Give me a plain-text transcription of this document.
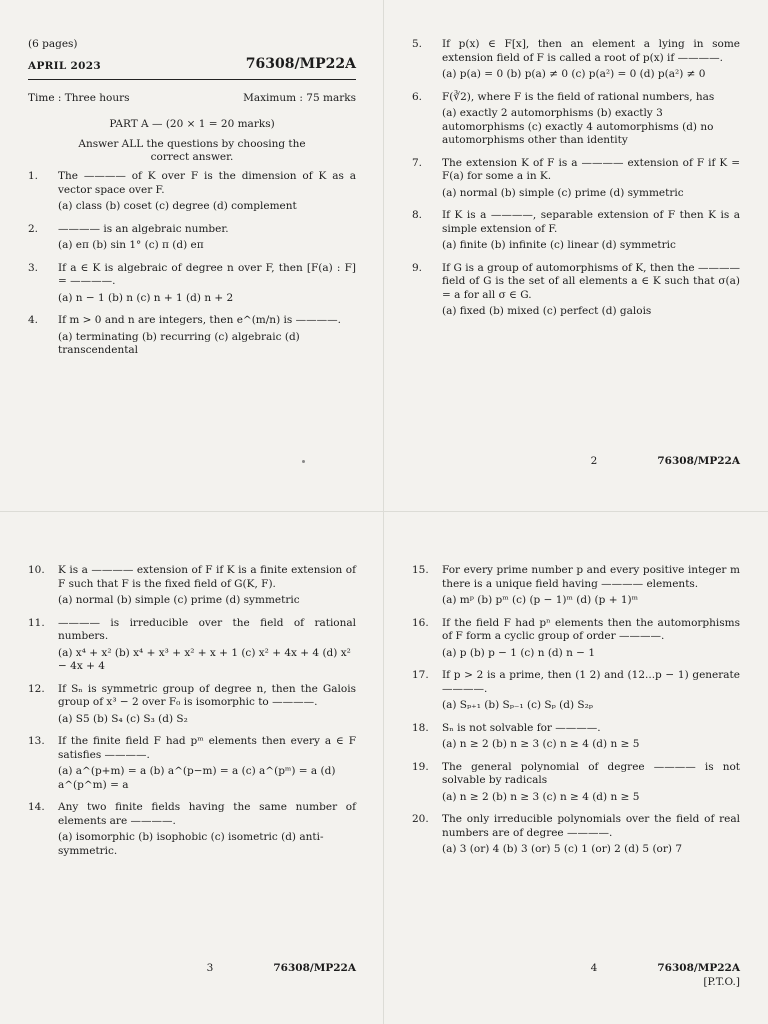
(6 pages)
APRIL 2023	76308/MP22A
Time : Three hours	Maximum : 75 marks
PART A — (20 × 1 = 20 marks)
Answer ALL the questions by choosing the correct answer.
1.	The ———— of K over F is the dimension of K as a vector space over F.
(a) class (b) coset (c) degree (d) complement
2.	———— is an algebraic number.
(a) eπ (b) sin 1° (c) π (d) eπ
3.	If a ∈ K is algebraic of degree n over F, then [F(a) : F] = ————.
(a) n − 1 (b) n (c) n + 1 (d) n + 2
4.	If m > 0 and n are integers, then e^(m/n) is ————.
(a) terminating (b) recurring (c) algebraic (d) transcendental
5.	If p(x) ∈ F[x], then an element a lying in some extension field of F is called a root of p(x) if ————.
(a) p(a) = 0 (b) p(a) ≠ 0 (c) p(a²) = 0 (d) p(a²) ≠ 0
6.	F(∛2), where F is the field of rational numbers, has
(a) exactly 2 automorphisms (b) exactly 3 automorphisms (c) exactly 4 automorphisms (d) no automorphisms other than identity
7.	The extension K of F is a ———— extension of F if K = F(a) for some a in K.
(a) normal (b) simple (c) prime (d) symmetric
8.	If K is a ————, separable extension of F then K is a simple extension of F.
(a) finite (b) infinite (c) linear (d) symmetric
9.	If G is a group of automorphisms of K, then the ———— field of G is the set of all elements a ∈ K such that σ(a) = a for all σ ∈ G.
(a) fixed (b) mixed (c) perfect (d) galois
2	76308/MP22A
10.	K is a ———— extension of F if K is a finite extension of F such that F is the fixed field of G(K, F).
(a) normal (b) simple (c) prime (d) symmetric
11.	———— is irreducible over the field of rational numbers.
(a) x⁴ + x² (b) x⁴ + x³ + x² + x + 1 (c) x² + 4x + 4 (d) x² − 4x + 4
12.	If Sₙ is symmetric group of degree n, then the Galois group of x³ − 2 over F₀ is isomorphic to ————.
(a) S5 (b) S₄ (c) S₃ (d) S₂
13.	If the finite field F had pᵐ elements then every a ∈ F satisfies ————.
(a) a^(p+m) = a (b) a^(p−m) = a (c) a^(pᵐ) = a (d) a^(p^m) = a
14.	Any two finite fields having the same number of elements are ————.
(a) isomorphic (b) isophobic (c) isometric (d) anti-symmetric.
3	76308/MP22A
15.	For every prime number p and every positive integer m there is a unique field having ———— elements.
(a) mᵖ (b) pᵐ (c) (p − 1)ᵐ (d) (p + 1)ᵐ
16.	If the field F had pⁿ elements then the automorphisms of F form a cyclic group of order ————.
(a) p (b) p − 1 (c) n (d) n − 1
17.	If p > 2 is a prime, then (1 2) and (12...p − 1) generate ————.
(a) Sₚ₊₁ (b) Sₚ₋₁ (c) Sₚ (d) S₂ₚ
18.	Sₙ is not solvable for ————.
(a) n ≥ 2 (b) n ≥ 3 (c) n ≥ 4 (d) n ≥ 5
19.	The general polynomial of degree ———— is not solvable by radicals
(a) n ≥ 2 (b) n ≥ 3 (c) n ≥ 4 (d) n ≥ 5
20.	The only irreducible polynomials over the field of real numbers are of degree ————.
(a) 3 (or) 4 (b) 3 (or) 5 (c) 1 (or) 2 (d) 5 (or) 7
4	76308/MP22A
[P.T.O.]
